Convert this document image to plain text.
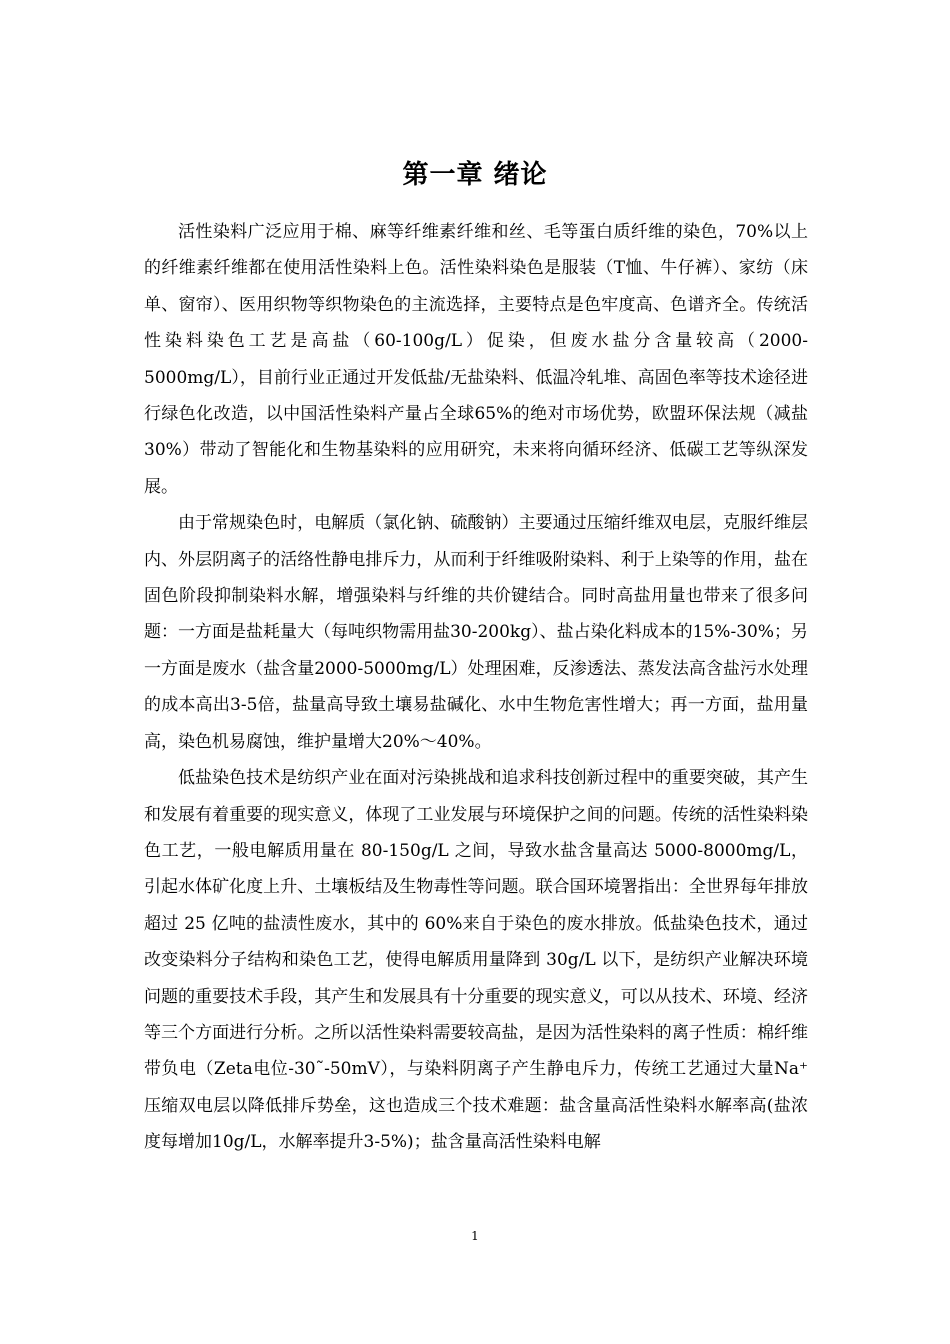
第一章 绪论

活性染料广泛应用于棉、麻等纤维素纤维和丝、毛等蛋白质纤维的染色，70%以上的纤维素纤维都在使用活性染料上色。活性染料染色是服装（T恤、牛仔裤）、家纺（床单、窗帘）、医用织物等织物染色的主流选择，主要特点是色牢度高、色谱齐全。传统活性染料染色工艺是高盐（60-100g/L）促染，但废水盐分含量较高（2000-5000mg/L），目前行业正通过开发低盐/无盐染料、低温冷轧堆、高固色率等技术途径进行绿色化改造，以中国活性染料产量占全球65%的绝对市场优势，欧盟环保法规（减盐30%）带动了智能化和生物基染料的应用研究，未来将向循环经济、低碳工艺等纵深发展。

由于常规染色时，电解质（氯化钠、硫酸钠）主要通过压缩纤维双电层，克服纤维层内、外层阴离子的活络性静电排斥力，从而利于纤维吸附染料、利于上染等的作用，盐在固色阶段抑制染料水解，增强染料与纤维的共价键结合。同时高盐用量也带来了很多问题：一方面是盐耗量大（每吨织物需用盐30-200kg）、盐占染化料成本的15%-30%；另一方面是废水（盐含量2000-5000mg/L）处理困难，反渗透法、蒸发法高含盐污水处理的成本高出3-5倍，盐量高导致土壤易盐碱化、水中生物危害性增大；再一方面，盐用量高，染色机易腐蚀，维护量增大20%～40%。

低盐染色技术是纺织产业在面对污染挑战和追求科技创新过程中的重要突破，其产生和发展有着重要的现实意义，体现了工业发展与环境保护之间的问题。传统的活性染料染色工艺，一般电解质用量在 80-150g/L 之间，导致水盐含量高达 5000-8000mg/L，引起水体矿化度上升、土壤板结及生物毒性等问题。联合国环境署指出：全世界每年排放超过 25 亿吨的盐渍性废水，其中的 60%来自于染色的废水排放。低盐染色技术，通过改变染料分子结构和染色工艺，使得电解质用量降到 30g/L 以下，是纺织产业解决环境问题的重要技术手段，其产生和发展具有十分重要的现实意义，可以从技术、环境、经济等三个方面进行分析。之所以活性染料需要较高盐，是因为活性染料的离子性质：棉纤维带负电（Zeta电位-30˜-50mV），与染料阴离子产生静电斥力，传统工艺通过大量Na⁺压缩双电层以降低排斥势垒，这也造成三个技术难题：盐含量高活性染料水解率高(盐浓度每增加10g/L，水解率提升3-5%)；盐含量高活性染料电解

1
